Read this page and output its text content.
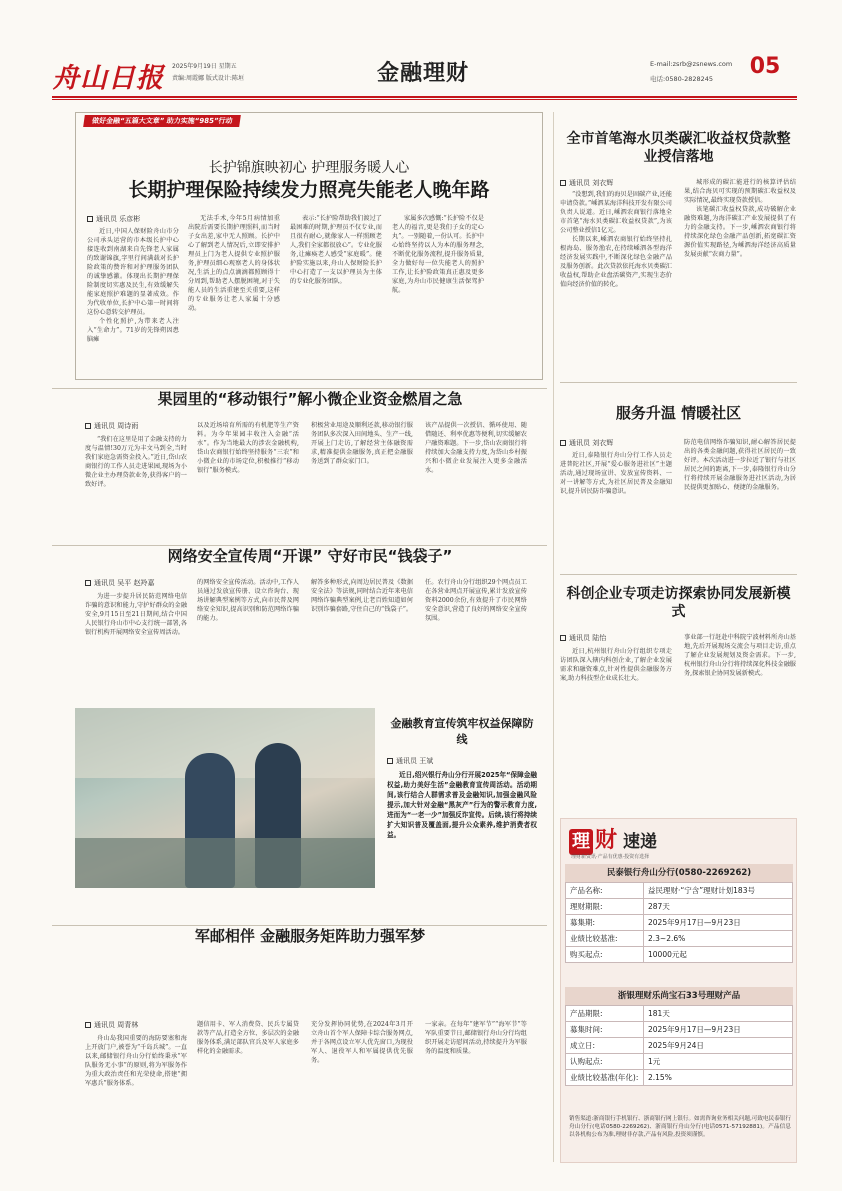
舟山日报 2025年9月19日 星期五
责编:周霞娜 版式设计:陈垣	金融理财	E-mail:zsrb@zsnews.com
电话:0580-2828245	05
做好金融“五篇大文章” 助力实施“985”行动
长护锦旗映初心 护理服务暖人心
长期护理保险持续发力照亮失能老人晚年路
通讯员 乐彦彬

近日,中国人保财险舟山市分公司承头运营的市本级长护中心接连收到南湖来自先锋老人家属的致谢锦旗,字里行间满载对长护险政策的赞许和对护理服务团队的诚挚感激。体现出长期护理保险制度切实惠及民生,有效缓解失能家庭照护难题的显著成效。作为代收单位,长护中心第一时间将这份心意转交护理员。

个性化照护,为带来老人注入“生命力”。71岁的先锋朔因患脑瘫

无法手术,今年5月病情加重出院后需要长期护理照料,而当时子女出差,家中无人照顾。长护中心了解到老人情况后,立即安排护理员上门为老人提供专业照护服务,护理员细心观察老人的身体状况,生活上的点点滴滴都照顾得十分周到,帮助老人摆脱困境,对于失能人员的生活重建至关重要,这样的专业服务让老人家属十分感动。
表示:“长护险帮助我们渡过了最困难的时期,护理员不仅专业,而且很有耐心,就像家人一样照顾老人,我们全家都很放心”。专业化服务,让瘫痪老人感受“家庭暖”。健护险实施以来,舟山人保财险长护中心打造了一支以护理员为主体的专业化服务团队。
家属多次感慨:“长护险不仅是老人的福音,更是我们子女的定心丸”。一别随着,一份认可。长护中心始终坚持以人为本的服务理念,不断优化服务流程,提升服务质量,全力做好每一位失能老人的照护工作,让长护险政策真正惠及更多家庭,为舟山市民健康生活保驾护航。
全市首笔海水贝类碳汇收益权贷款整业授信落地
通讯员 刘衣辉

“没想到,我们的海贝是固碳产业,还能申请贷款。”嵊泗某海洋科技开发有限公司负责人说道。近日,嵊泗农商银行落地全市首笔“海水贝类碳汇收益权贷款”,为该公司整业授信1亿元。

长期以来,嵊泗农商银行始终坚持扎根海岛、服务渔农,在持续嵊泗各型海洋经济发展实践中,不断深化绿色金融产品及服务创新。此次贷款依托海水贝类碳汇收益权,帮助企业盘活碳资产,实现生态价值向经济价值的转化。

城形成的碳汇能进行的核算评估结果,结合海贝可实现的预期碳汇收益权及实际情况,最终实现贷款授信。

该笔碳汇收益权贷款,成功破解企业融资难题,为海洋碳汇产业发展提供了有力的金融支持。下一步,嵊泗农商银行将持续深化绿色金融产品创新,拓宽碳汇资源价值实现路径,为嵊泗海洋经济高质量发展贡献“农商力量”。

果园里的“移动银行”解小微企业资金燃眉之急
通讯员 周诗雨
“我们在这里是用了金融支持的力度与温情!30万元为丰文马到全,当时我们家庭急需资金投入。”近日,岱山农商银行的工作人员走进果园,现场为小微企业主办理贷款业务,获得客户的一致好评。
以及近场培育所需的有机肥等生产资料。为今年果园丰收注入金融“活水”。作为当地最大的涉农金融机构,岱山农商银行始终坚持服务“三农”和小微企业的市场定位,积极推行“移动银行”服务模式。
积极营业用途及顺利还款,移动银行服务团队多次深入田间地头、生产一线,开展上门走访,了解经营主体融资需求,精准提供金融服务,真正把金融服务送到了群众家门口。
该产品提供一次授信、循环使用、随借随还、利率优惠等便利,切实缓解农户融资难题。下一步,岱山农商银行将持续加大金融支持力度,为岱山乡村振兴和小微企业发展注入更多金融活水。
服务升温 情暖社区
通讯员 刘衣辉
近日,泰隆银行舟山分行工作人员走进普陀社区,开展“爱心服务进社区”主题活动,通过现场宣讲、发放宣传资料、一对一讲解等方式,为社区居民普及金融知识,提升居民防诈骗意识。
防范电信网络诈骗知识,耐心解答居民提出的各类金融问题,获得社区居民的一致好评。本次活动进一步拉近了银行与社区居民之间的距离,下一步,泰隆银行舟山分行将持续开展金融服务进社区活动,为居民提供更加贴心、便捷的金融服务。
网络安全宣传周“开课” 守好市民“钱袋子”
通讯员 吴平 赵羚嘉
为进一步提升居民防范网络电信诈骗的意识和能力,守护好群众的金融安全,9月15日至21日期间,结合中国人民银行舟山市中心支行统一部署,各银行机构开展网络安全宣传周活动。
的网络安全宣传活动。活动中,工作人员通过发放宣传册、设立咨询台、现场讲解典型案例等方式,向市民普及网络安全知识,提高识别和防范网络诈骗的能力。
解答多种形式,向周边居民普及《数据安全法》等法规,同时结合近年来电信网络诈骗典型案例,让老百姓知道如何识别诈骗套路,守住自己的“钱袋子”。
任。农行舟山分行组织29个网点员工在各营业网点开展宣传,累计发放宣传资料2000余份,有效提升了市民网络安全意识,营造了良好的网络安全宣传氛围。
科创企业专项走访探索协同发展新模式
通讯员 陆怡
近日,杭州银行舟山分行组织专项走访团队深入辖内科创企业,了解企业发展需求和融资难点,针对性提供金融服务方案,助力科技型企业成长壮大。
事业部一行赶赴中科院宁波材料所舟山基地,先后开展现场交流会与项目走访,重点了解企业发展规划及资金需求。下一步,杭州银行舟山分行将持续深化科技金融服务,探索银企协同发展新模式。
金融教育宣传筑牢权益保障防线
通讯员 王斌
近日,绍兴银行舟山分行开展2025年“保障金融权益,助力美好生活”金融教育宣传周活动。活动期间,该行结合人群需求普及金融知识,加强金融风险提示,加大针对金融“黑灰产”行为的警示教育力度,进而为“一老一少”加强反诈宣传。后续,该行将持续扩大知识普及覆盖面,提升公众素养,维护消费者权益。
军邮相伴 金融服务矩阵助力强军梦
通讯员 周青林
舟山岛我国重要的海防要塞和海上开放门户,被誉为“千岛兵城”。一直以来,邮储银行舟山分行始终秉承“军队服务无小事”的原则,将为军服务作为重大政治责任和光荣使命,搭建“拥军惠兵”服务体系。
题信用卡、军人消费贷、民兵专属贷款等产品,打造全方位、多层次的金融服务体系,满足部队官兵及军人家庭多样化的金融需求。
充分发挥协同优势,在2024年3月开立舟山首个军人保障卡综合服务网点,并于各网点设立军人优先窗口,为现役军人、退役军人和军属提供优先服务。
一家亲。在每年“建军节”“海军节”等军队重要节日,邮储银行舟山分行均组织开展走访慰问活动,持续提升为军服务的温度和质量。
理 财 速递
理财新资讯·产品有优惠·投资有选择
民泰银行舟山分行(0580-2269262)
产品名称:	益民理财·“宁含”理财计划183号
理财期限:	287天
募集期:	2025年9月17日—9月23日
业绩比较基准:	2.3~2.6%
购买起点:	10000元起
浙银理财乐尚宝石33号理财产品
产品期限:	181天
募集时间:	2025年9月17日—9月23日
成立日:	2025年9月24日
认购起点:	1元
业绩比较基准(年化):	2.15%
销售渠道:浙商银行手机银行、浙商银行网上银行。如需咨询业务相关问题,可致电民泰银行舟山分行(电话0580-2269262)、浙商银行舟山分行(电话0571-57192881)。产品信息以各机构公布为准,理财非存款,产品有风险,投资须谨慎。
